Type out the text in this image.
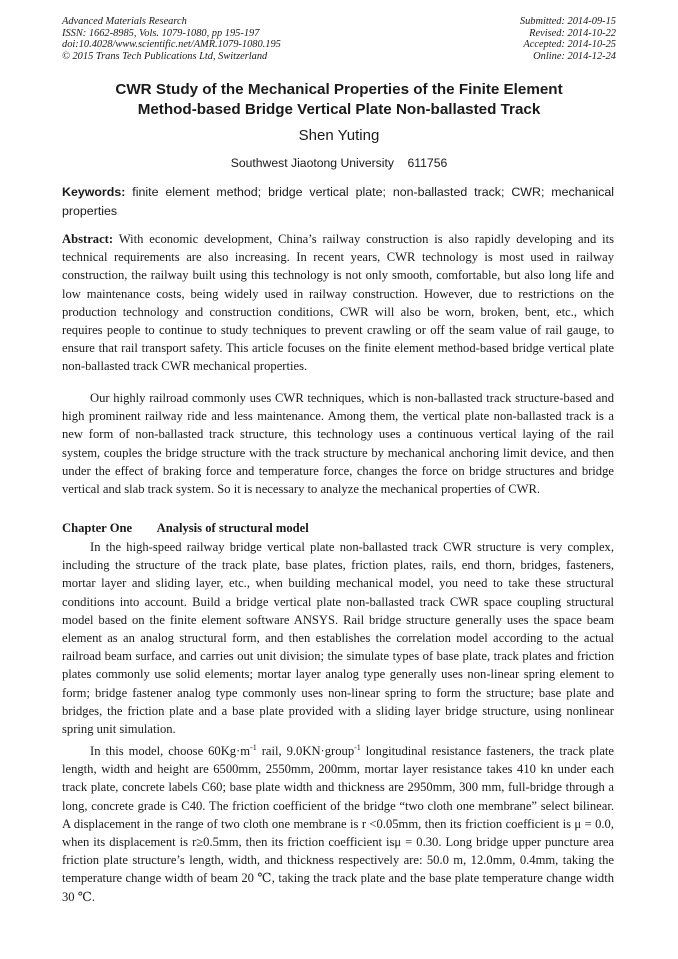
Advanced Materials Research
ISSN: 1662-8985, Vols. 1079-1080, pp 195-197
doi:10.4028/www.scientific.net/AMR.1079-1080.195
© 2015 Trans Tech Publications Ltd, Switzerland
Submitted: 2014-09-15
Revised: 2014-10-22
Accepted: 2014-10-25
Online: 2014-12-24
CWR Study of the Mechanical Properties of the Finite Element
Method-based Bridge Vertical Plate Non-ballasted Track
Shen Yuting
Southwest Jiaotong University    611756
Keywords: finite element method; bridge vertical plate; non-ballasted track; CWR; mechanical properties
Abstract: With economic development, China’s railway construction is also rapidly developing and its technical requirements are also increasing. In recent years, CWR technology is most used in railway construction, the railway built using this technology is not only smooth, comfortable, but also long life and low maintenance costs, being widely used in railway construction. However, due to restrictions on the production technology and construction conditions, CWR will also be worn, broken, bent, etc., which requires people to continue to study techniques to prevent crawling or off the seam value of rail gauge, to ensure that rail transport safety. This article focuses on the finite element method-based bridge vertical plate non-ballasted track CWR mechanical properties.

Our highly railroad commonly uses CWR techniques, which is non-ballasted track structure-based and high prominent railway ride and less maintenance. Among them, the vertical plate non-ballasted track is a new form of non-ballasted track structure, this technology uses a continuous vertical laying of the rail system, couples the bridge structure with the track structure by mechanical anchoring limit device, and then under the effect of braking force and temperature force, changes the force on bridge structures and bridge vertical and slab track system. So it is necessary to analyze the mechanical properties of CWR.

Chapter One Analysis of structural model

In the high-speed railway bridge vertical plate non-ballasted track CWR structure is very complex, including the structure of the track plate, base plates, friction plates, rails, end thorn, bridges, fasteners, mortar layer and sliding layer, etc., when building mechanical model, you need to take these structural conditions into account. Build a bridge vertical plate non-ballasted track CWR space coupling structural model based on the finite element software ANSYS. Rail bridge structure generally uses the space beam element as an analog structural form, and then establishes the correlation model according to the actual railroad beam surface, and carries out unit division; the simulate types of base plate, track plates and friction plates commonly use solid elements; mortar layer analog type generally uses non-linear spring element to form; bridge fastener analog type commonly uses non-linear spring to form the structure; base plate and bridges, the friction plate and a base plate provided with a sliding layer bridge structure, using nonlinear spring unit simulation.

In this model, choose $60Kg\cdot m^{-1}$ rail, 9.0KN·group$^{-1}$ longitudinal resistance fasteners, the track plate length, width and height are 6500mm, 2550mm, 200mm, mortar layer resistance takes 410 kn under each track plate, concrete labels C60; base plate width and thickness are 2950mm, 300 mm, full-bridge through a long, concrete grade is C40. The friction coefficient of the bridge “two cloth one membrane” select bilinear. A displacement in the range of two cloth one membrane is r <0.05mm, then its friction coefficient is μ = 0.0, when its displacement is r≥0.5mm, then its friction coefficient isμ = 0.30. Long bridge upper puncture area friction plate structure’s length, width, and thickness respectively are: 50.0 m, 12.0mm, 0.4mm, taking the temperature change width of beam 20 ℃, taking the track plate and the base plate temperature change width 30 ℃.
